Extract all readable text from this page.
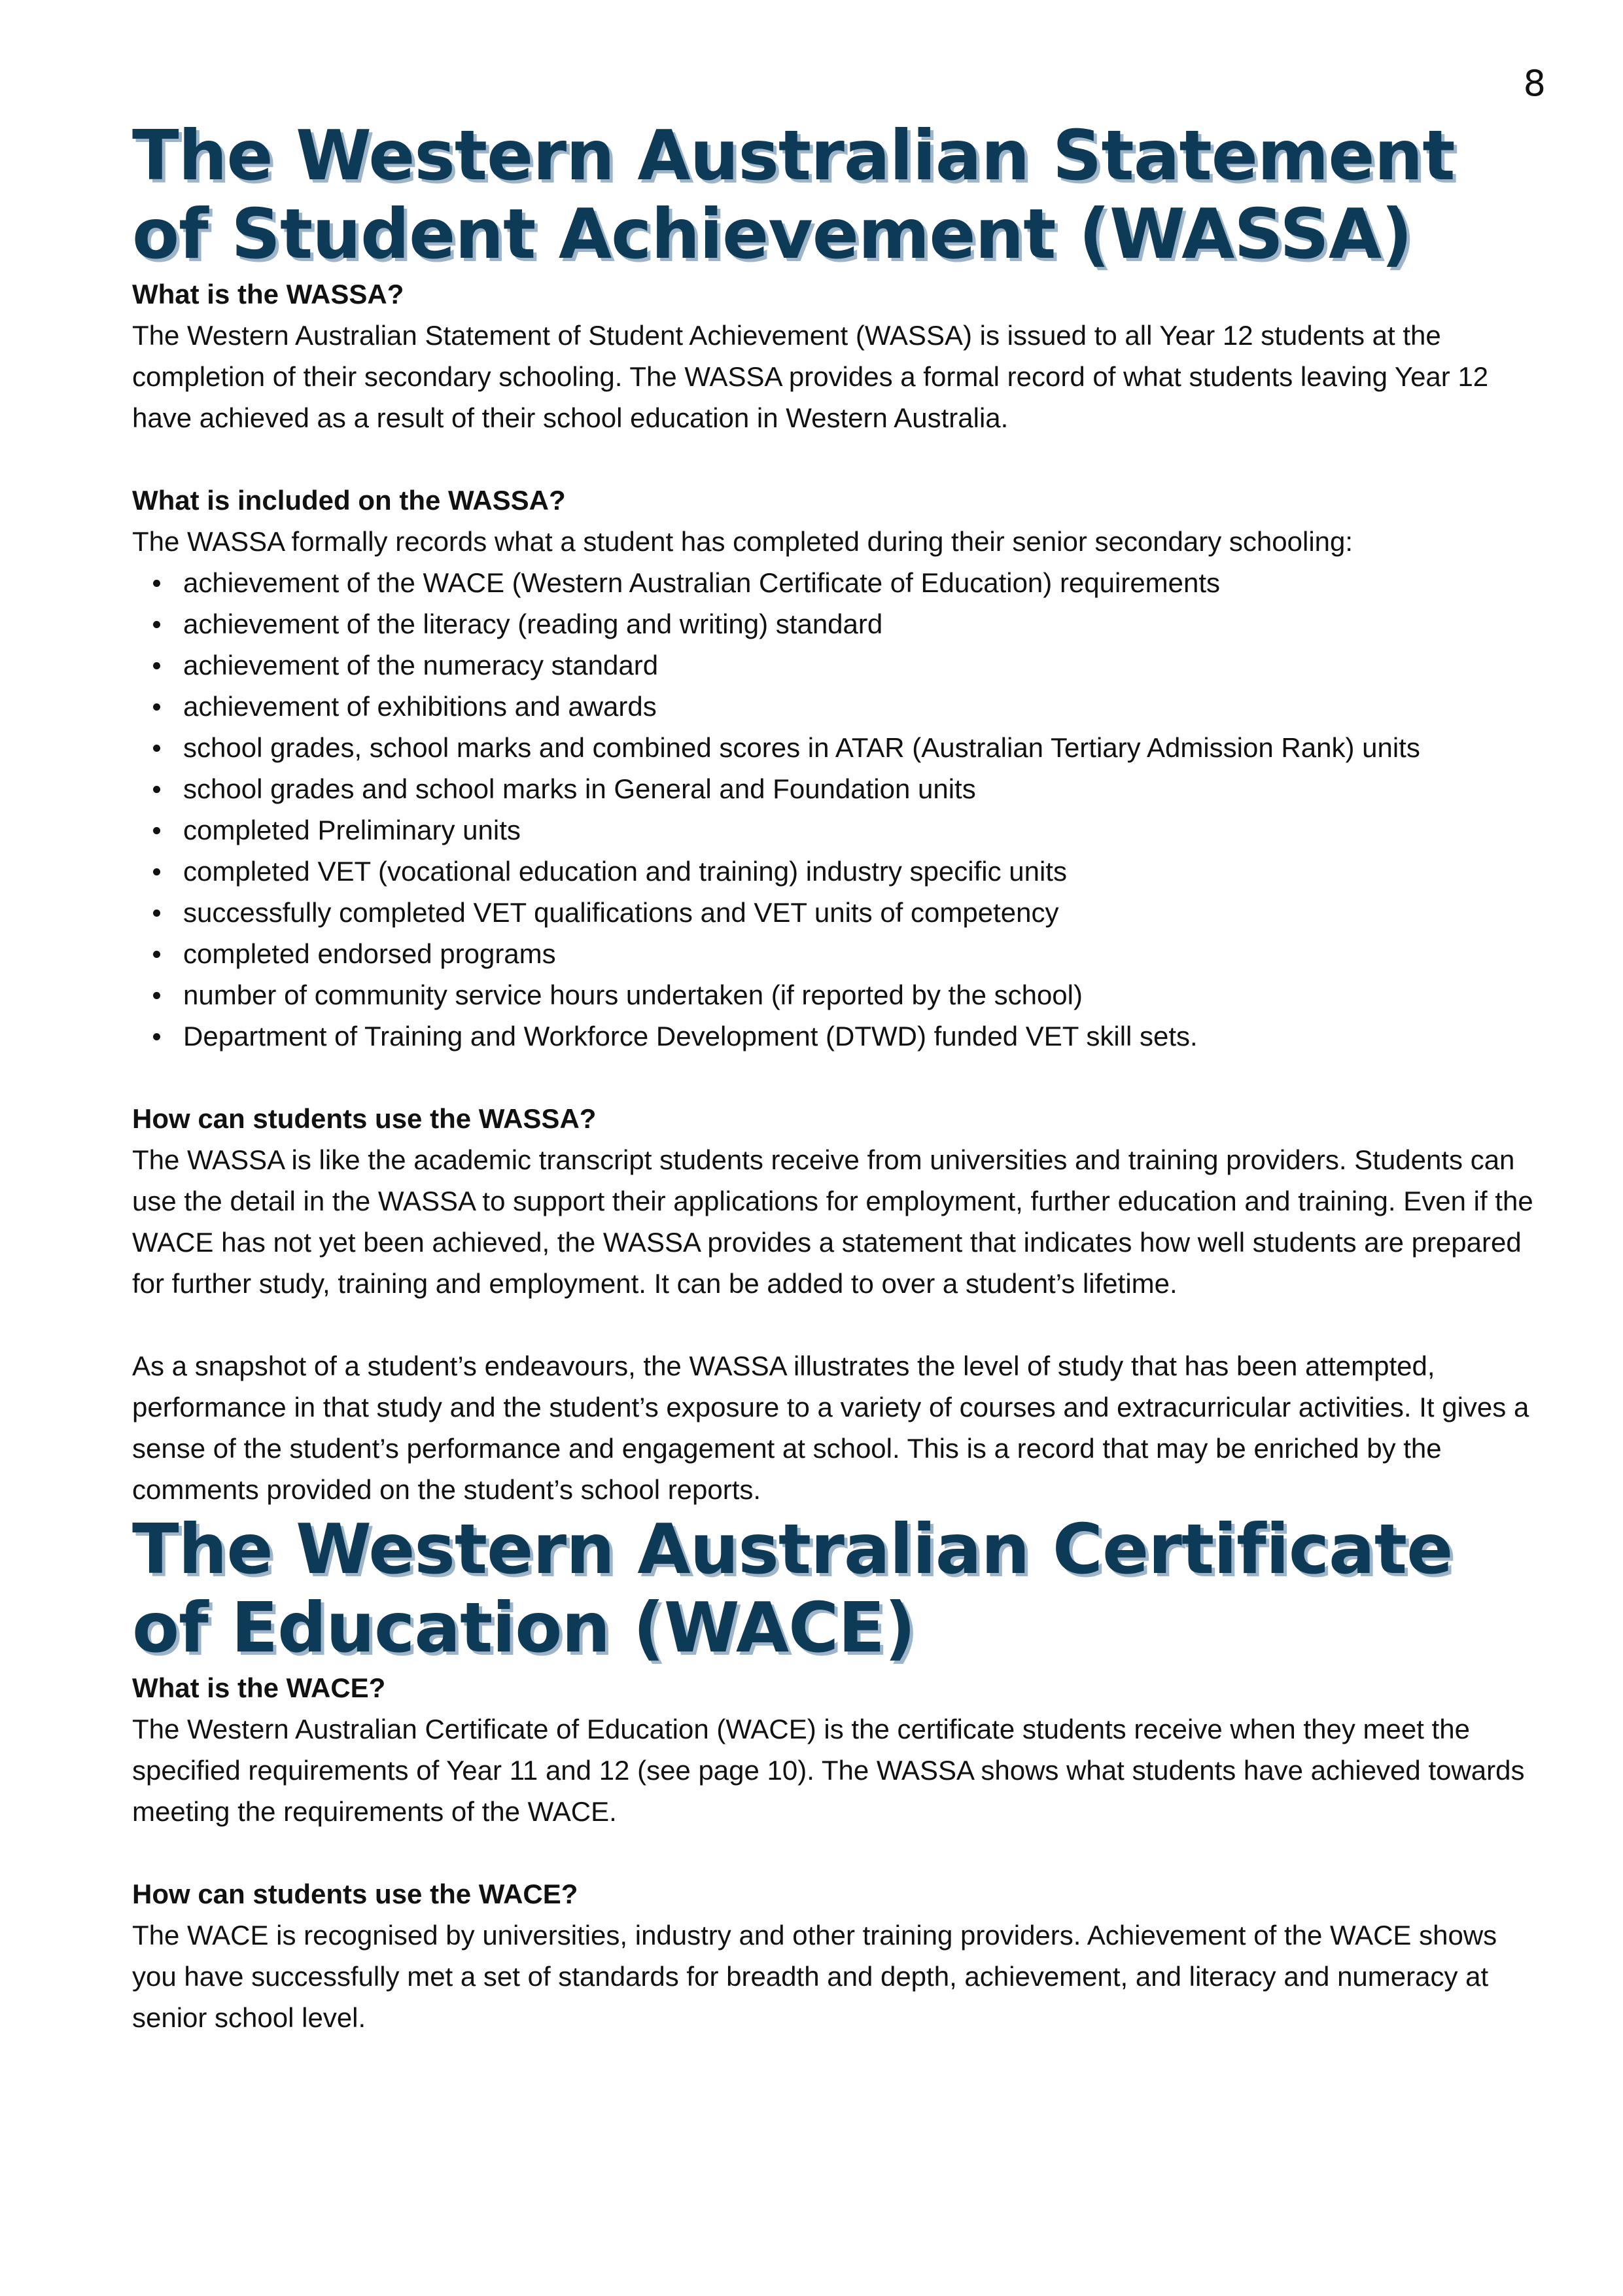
8
The Western Australian Statement
of Student Achievement (WASSA)
What is the WASSA?

The Western Australian Statement of Student Achievement (WASSA) is issued to all Year 12 students at the completion of their secondary schooling. The WASSA provides a formal record of what students leaving Year 12 have achieved as a result of their school education in Western Australia.

What is included on the WASSA?

The WASSA formally records what a student has completed during their senior secondary schooling:

achievement of the WACE (Western Australian Certificate of Education) requirements
achievement of the literacy (reading and writing) standard
achievement of the numeracy standard
achievement of exhibitions and awards
school grades, school marks and combined scores in ATAR (Australian Tertiary Admission Rank) units
school grades and school marks in General and Foundation units
completed Preliminary units
completed VET (vocational education and training) industry specific units
successfully completed VET qualifications and VET units of competency
completed endorsed programs
number of community service hours undertaken (if reported by the school)
Department of Training and Workforce Development (DTWD) funded VET skill sets.
How can students use the WASSA?

The WASSA is like the academic transcript students receive from universities and training providers. Students can use the detail in the WASSA to support their applications for employment, further education and training. Even if the WACE has not yet been achieved, the WASSA provides a statement that indicates how well students are prepared for further study, training and employment. It can be added to over a student’s lifetime.

As a snapshot of a student’s endeavours, the WASSA illustrates the level of study that has been attempted, performance in that study and the student’s exposure to a variety of courses and extracurricular activities. It gives a sense of the student’s performance and engagement at school. This is a record that may be enriched by the comments provided on the student’s school reports.

The Western Australian Certificate
of Education (WACE)
What is the WACE?

The Western Australian Certificate of Education (WACE) is the certificate students receive when they meet the specified requirements of Year 11 and 12 (see page 10). The WASSA shows what students have achieved towards meeting the requirements of the WACE.

How can students use the WACE?

The WACE is recognised by universities, industry and other training providers. Achievement of the WACE shows you have successfully met a set of standards for breadth and depth, achievement, and literacy and numeracy at senior school level.
